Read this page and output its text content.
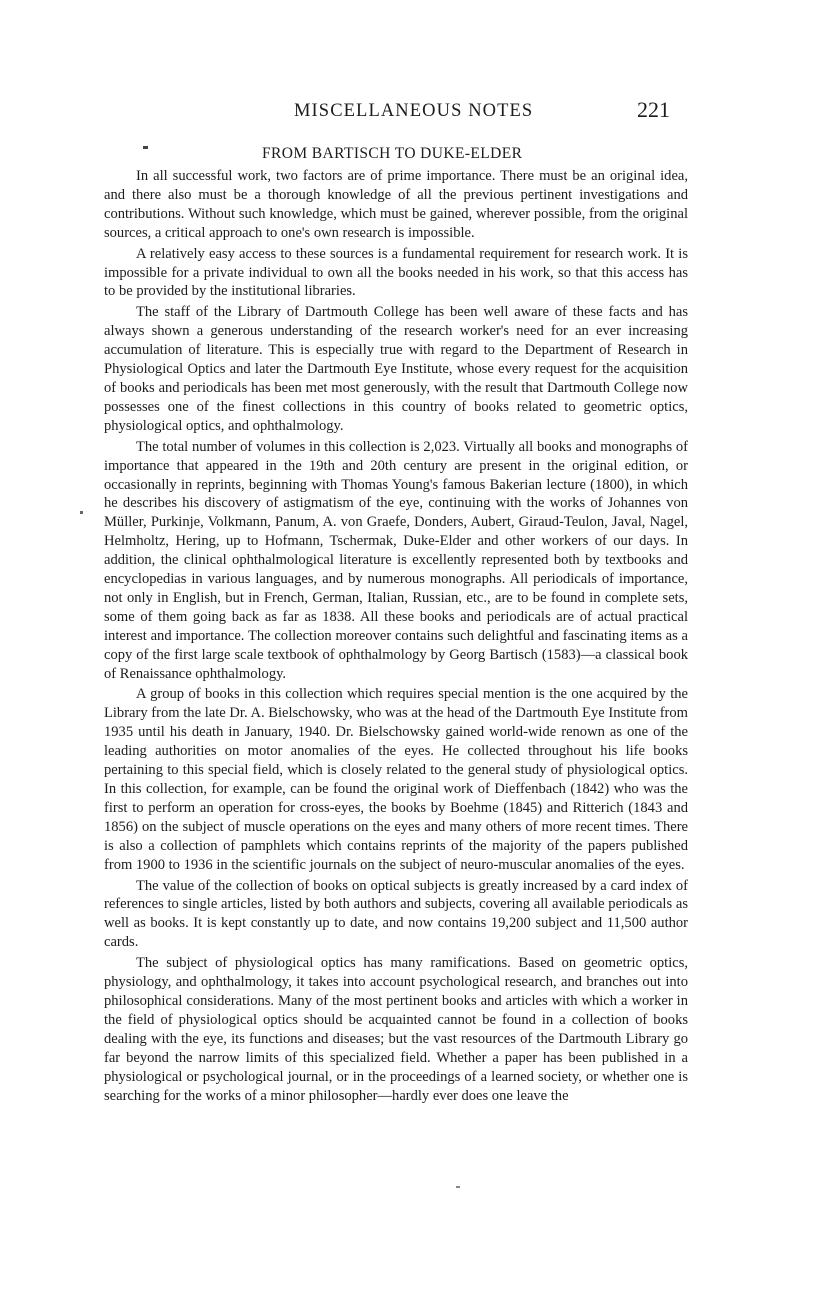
MISCELLANEOUS NOTES	221
FROM BARTISCH TO DUKE-ELDER

In all successful work, two factors are of prime importance. There must be an original idea, and there also must be a thorough knowledge of all the previous pertinent investigations and contributions. Without such knowledge, which must be gained, wherever possible, from the original sources, a critical approach to one's own research is impossible.

A relatively easy access to these sources is a fundamental requirement for research work. It is impossible for a private individual to own all the books needed in his work, so that this access has to be provided by the institutional libraries.

The staff of the Library of Dartmouth College has been well aware of these facts and has always shown a generous understanding of the research worker's need for an ever increasing accumulation of literature. This is especially true with regard to the Department of Research in Physiological Optics and later the Dartmouth Eye Institute, whose every request for the acquisition of books and periodicals has been met most generously, with the result that Dartmouth College now possesses one of the finest collections in this country of books related to geometric optics, physiological optics, and ophthalmology.

The total number of volumes in this collection is 2,023. Virtually all books and monographs of importance that appeared in the 19th and 20th century are present in the original edition, or occasionally in reprints, beginning with Thomas Young's famous Bakerian lecture (1800), in which he describes his discovery of astigmatism of the eye, continuing with the works of Johannes von Müller, Purkinje, Volkmann, Panum, A. von Graefe, Donders, Aubert, Giraud-Teulon, Javal, Nagel, Helmholtz, Hering, up to Hofmann, Tschermak, Duke-Elder and other workers of our days. In addition, the clinical ophthalmological literature is excellently represented both by textbooks and encyclopedias in various languages, and by numerous monographs. All periodicals of importance, not only in English, but in French, German, Italian, Russian, etc., are to be found in complete sets, some of them going back as far as 1838. All these books and periodicals are of actual practical interest and importance. The collection moreover contains such delightful and fascinating items as a copy of the first large scale textbook of ophthalmology by Georg Bartisch (1583)—a classical book of Renaissance ophthalmology.

A group of books in this collection which requires special mention is the one acquired by the Library from the late Dr. A. Bielschowsky, who was at the head of the Dartmouth Eye Institute from 1935 until his death in January, 1940. Dr. Bielschowsky gained world-wide renown as one of the leading authorities on motor anomalies of the eyes. He collected throughout his life books pertaining to this special field, which is closely related to the general study of physiological optics. In this collection, for example, can be found the original work of Dieffenbach (1842) who was the first to perform an operation for cross-eyes, the books by Boehme (1845) and Ritterich (1843 and 1856) on the subject of muscle operations on the eyes and many others of more recent times. There is also a collection of pamphlets which contains reprints of the majority of the papers published from 1900 to 1936 in the scientific journals on the subject of neuro-muscular anomalies of the eyes.

The value of the collection of books on optical subjects is greatly increased by a card index of references to single articles, listed by both authors and subjects, covering all available periodicals as well as books. It is kept constantly up to date, and now contains 19,200 subject and 11,500 author cards.

The subject of physiological optics has many ramifications. Based on geometric optics, physiology, and ophthalmology, it takes into account psychological research, and branches out into philosophical considerations. Many of the most pertinent books and articles with which a worker in the field of physiological optics should be acquainted cannot be found in a collection of books dealing with the eye, its functions and diseases; but the vast resources of the Dartmouth Library go far beyond the narrow limits of this specialized field. Whether a paper has been published in a physiological or psychological journal, or in the proceedings of a learned society, or whether one is searching for the works of a minor philosopher—hardly ever does one leave the
